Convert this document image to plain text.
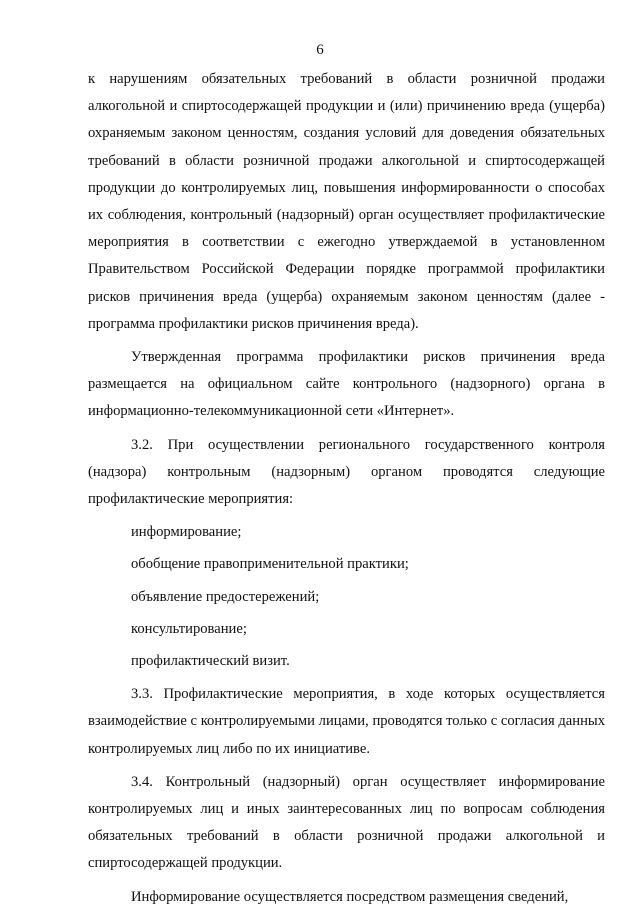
6

к нарушениям обязательных требований в области розничной продажи алкогольной и спиртосодержащей продукции и (или) причинению вреда (ущерба) охраняемым законом ценностям, создания условий для доведения обязательных требований в области розничной продажи алкогольной и спиртосодержащей продукции до контролируемых лиц, повышения информированности о способах их соблюдения, контрольный (надзорный) орган осуществляет профилактические мероприятия в соответствии с ежегодно утверждаемой в установленном Правительством Российской Федерации порядке программой профилактики рисков причинения вреда (ущерба) охраняемым законом ценностям (далее - программа профилактики рисков причинения вреда).

Утвержденная программа профилактики рисков причинения вреда размещается на официальном сайте контрольного (надзорного) органа в информационно-телекоммуникационной сети «Интернет».

3.2. При осуществлении регионального государственного контроля (надзора) контрольным (надзорным) органом проводятся следующие профилактические мероприятия:

информирование;
обобщение правоприменительной практики;
объявление предостережений;
консультирование;
профилактический визит.

3.3. Профилактические мероприятия, в ходе которых осуществляется взаимодействие с контролируемыми лицами, проводятся только с согласия данных контролируемых лиц либо по их инициативе.

3.4. Контрольный (надзорный) орган осуществляет информирование контролируемых лиц и иных заинтересованных лиц по вопросам соблюдения обязательных требований в области розничной продажи алкогольной и спиртосодержащей продукции.

Информирование осуществляется посредством размещения сведений,
